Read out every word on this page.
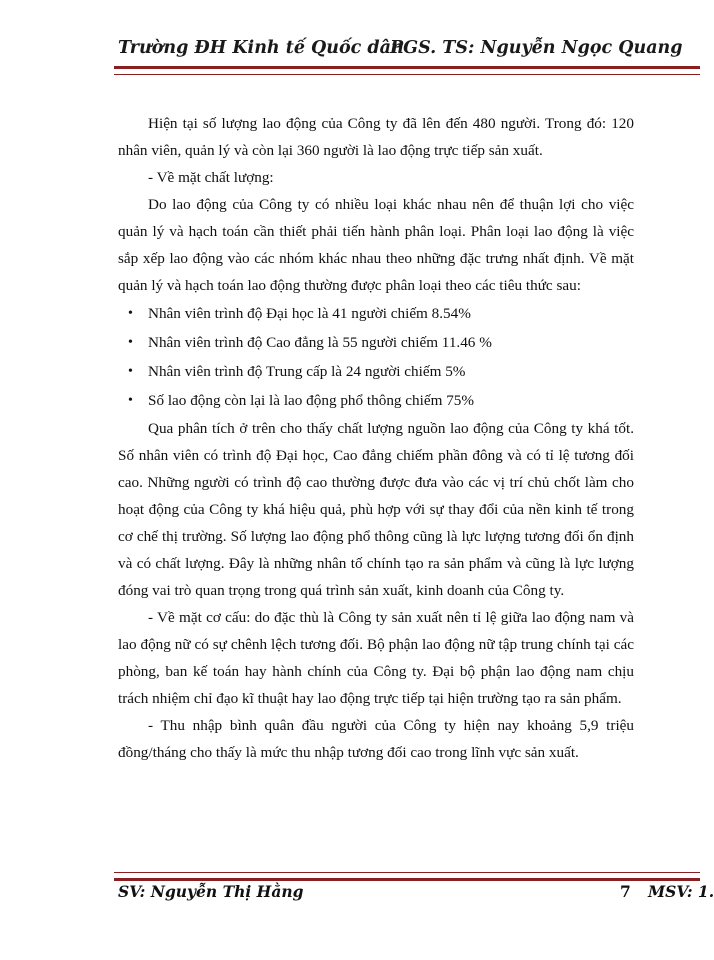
Trường ĐH Kinh tế Quốc dân
PGS. TS: Nguyễn Ngọc Quang

Hiện tại số lượng lao động của Công ty đã lên đến 480 người. Trong đó: 120 nhân viên, quản lý và còn lại 360 người là lao động trực tiếp sản xuất.

- Về mặt chất lượng:

Do lao động của Công ty có nhiều loại khác nhau nên để thuận lợi cho việc quản lý và hạch toán cần thiết phải tiến hành phân loại. Phân loại lao động là việc sắp xếp lao động vào các nhóm khác nhau theo những đặc trưng nhất định. Về mặt quản lý và hạch toán lao động thường được phân loại theo các tiêu thức sau:

• Nhân viên trình độ Đại học là 41 người chiếm 8.54%
• Nhân viên trình độ Cao đẳng là 55 người chiếm 11.46 %
• Nhân viên trình độ Trung cấp là 24 người chiếm 5%
• Số lao động còn lại là lao động phổ thông chiếm 75%

Qua phân tích ở trên cho thấy chất lượng nguồn lao động của Công ty khá tốt. Số nhân viên có trình độ Đại học, Cao đẳng chiếm phần đông và có tỉ lệ tương đối cao. Những người có trình độ cao thường được đưa vào các vị trí chủ chốt làm cho hoạt động của Công ty khá hiệu quả, phù hợp với sự thay đổi của nền kinh tế trong cơ chế thị trường. Số lượng lao động phổ thông cũng là lực lượng tương đối ổn định và có chất lượng. Đây là những nhân tố chính tạo ra sản phẩm và cũng là lực lượng đóng vai trò quan trọng trong quá trình sản xuất, kinh doanh của Công ty.

- Về mặt cơ cấu: do đặc thù là Công ty sản xuất nên tỉ lệ giữa lao động nam và lao động nữ có sự chênh lệch tương đối. Bộ phận lao động nữ tập trung chính tại các phòng, ban kế toán hay hành chính của Công ty. Đại bộ phận lao động nam chịu trách nhiệm chỉ đạo kĩ thuật hay lao động trực tiếp tại hiện trường tạo ra sản phẩm.

- Thu nhập bình quân đầu người của Công ty hiện nay khoảng 5,9 triệu đồng/tháng cho thấy là mức thu nhập tương đối cao trong lĩnh vực sản xuất.

SV: Nguyễn Thị Hằng	7 MSV: 1.
